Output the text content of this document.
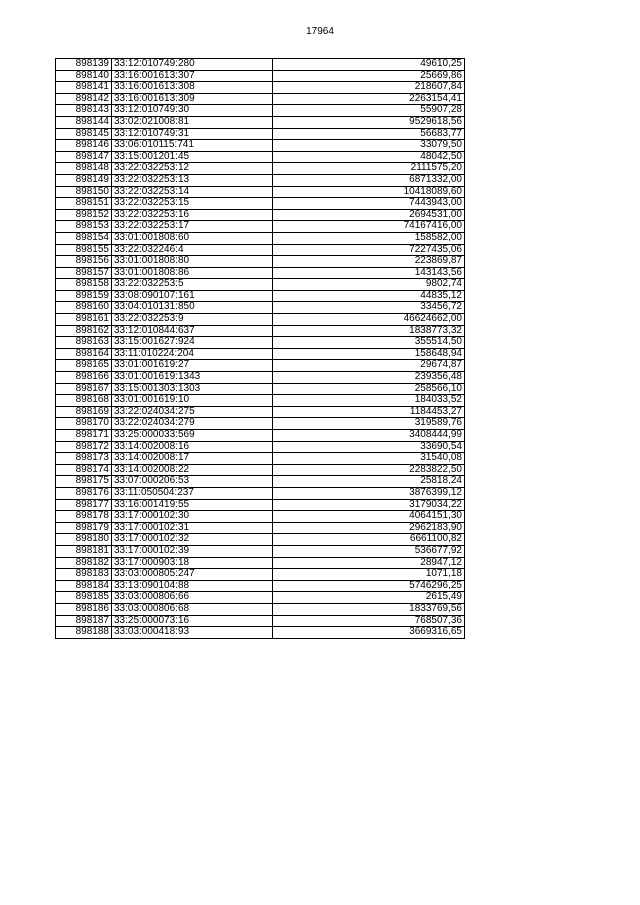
17964
898139	33:12:010749:280	49610,25
898140	33:16:001613:307	25669,86
898141	33:16:001613:308	218607,84
898142	33:16:001613:309	2263154,41
898143	33:12:010749:30	55907,28
898144	33:02:021008:81	9529618,56
898145	33:12:010749:31	56683,77
898146	33:06:010115:741	33079,50
898147	33:15:001201:45	48042,50
898148	33:22:032253:12	2111575,20
898149	33:22:032253:13	6871332,00
898150	33:22:032253:14	10418089,60
898151	33:22:032253:15	7443943,00
898152	33:22:032253:16	2694531,00
898153	33:22:032253:17	74167416,00
898154	33:01:001808:60	158582,00
898155	33:22:032246:4	7227435,06
898156	33:01:001808:80	223869,87
898157	33:01:001808:86	143143,56
898158	33:22:032253:5	9802,74
898159	33:08:090107:161	44835,12
898160	33:04:010131:850	33456,72
898161	33:22:032253:9	46624662,00
898162	33:12:010844:637	1838773,32
898163	33:15:001627:924	355514,50
898164	33:11:010224:204	158648,94
898165	33:01:001619:27	29674,87
898166	33:01:001619:1343	239356,48
898167	33:15:001303:1303	258566,10
898168	33:01:001619:10	184033,52
898169	33:22:024034:275	1184453,27
898170	33:22:024034:279	319589,76
898171	33:25:000033:569	3408444,99
898172	33:14:002008:16	33690,54
898173	33:14:002008:17	31540,08
898174	33:14:002008:22	2283822,50
898175	33:07:000206:53	25818,24
898176	33:11:050504:237	3876399,12
898177	33:16:001419:55	3179034,22
898178	33:17:000102:30	4064151,30
898179	33:17:000102:31	2962183,90
898180	33:17:000102:32	6661100,82
898181	33:17:000102:39	536677,92
898182	33:17:000903:18	28947,12
898183	33:03:000805:247	1071,18
898184	33:13:090104:88	5746296,25
898185	33:03:000806:66	2615,49
898186	33:03:000806:68	1833769,56
898187	33:25:000073:16	768507,36
898188	33:03:000418:93	3669316,65
